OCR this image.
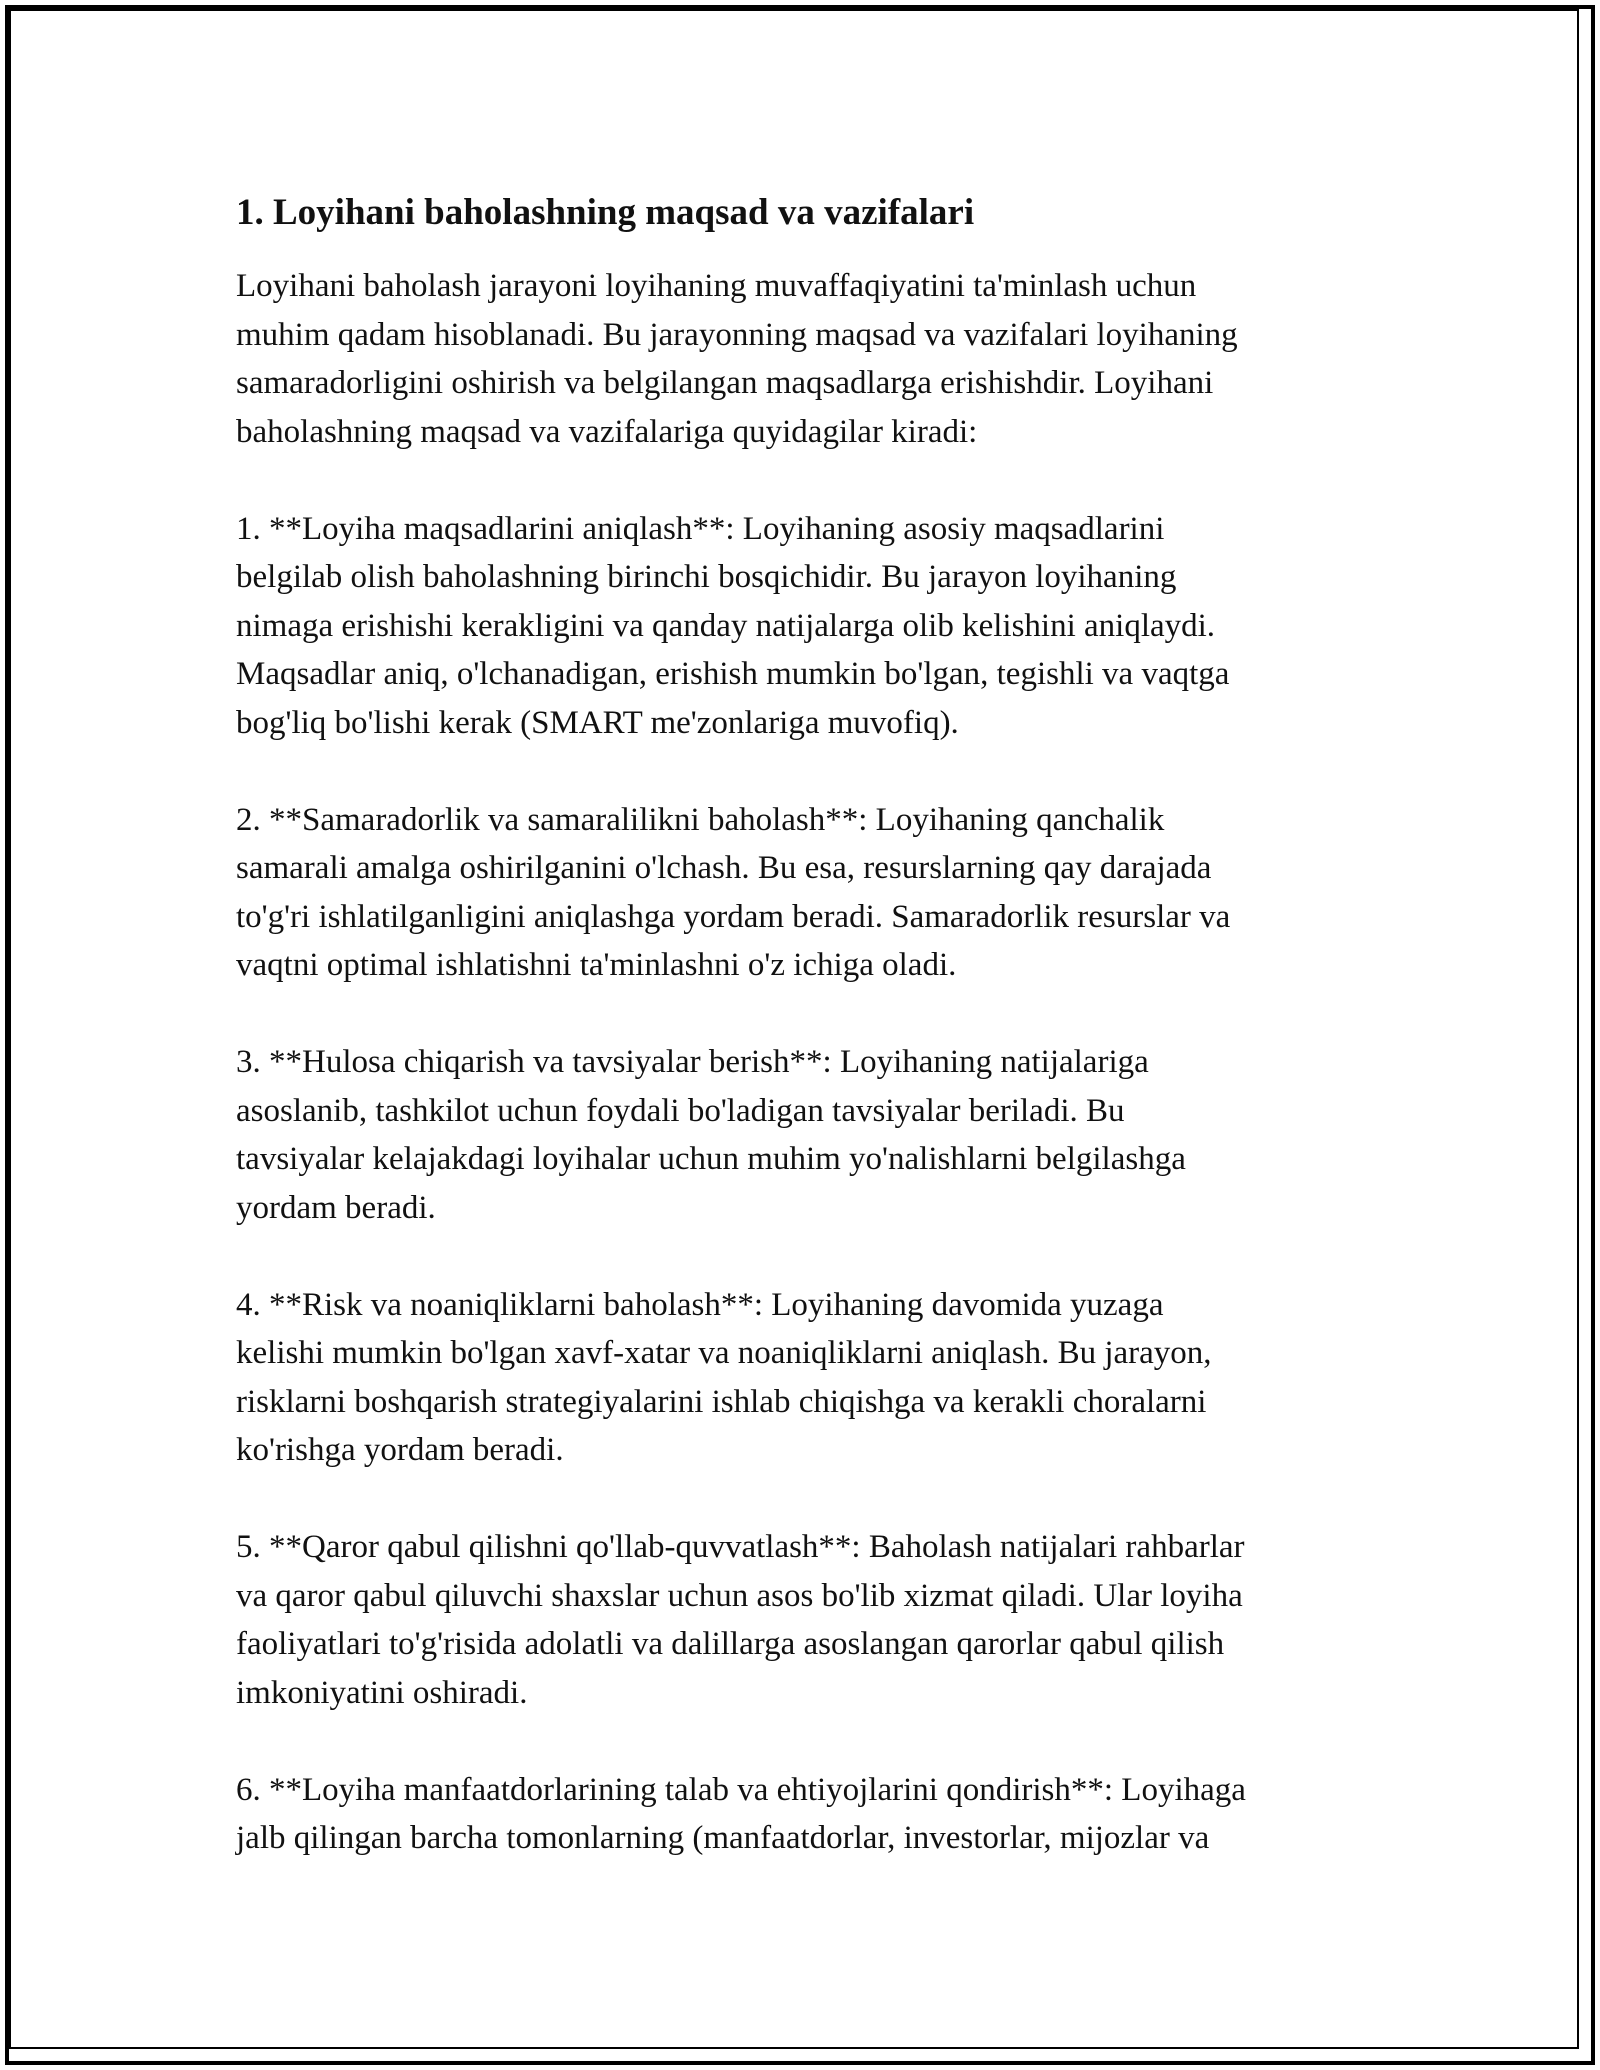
1. Loyihani baholashning maqsad va vazifalari

Loyihani baholash jarayoni loyihaning muvaffaqiyatini ta'minlash uchun
muhim qadam hisoblanadi. Bu jarayonning maqsad va vazifalari loyihaning
samaradorligini oshirish va belgilangan maqsadlarga erishishdir. Loyihani
baholashning maqsad va vazifalariga quyidagilar kiradi:

1. **Loyiha maqsadlarini aniqlash**: Loyihaning asosiy maqsadlarini
belgilab olish baholashning birinchi bosqichidir. Bu jarayon loyihaning
nimaga erishishi kerakligini va qanday natijalarga olib kelishini aniqlaydi.
Maqsadlar aniq, o'lchanadigan, erishish mumkin bo'lgan, tegishli va vaqtga
bog'liq bo'lishi kerak (SMART me'zonlariga muvofiq).

2. **Samaradorlik va samaralilikni baholash**: Loyihaning qanchalik
samarali amalga oshirilganini o'lchash. Bu esa, resurslarning qay darajada
to'g'ri ishlatilganligini aniqlashga yordam beradi. Samaradorlik resurslar va
vaqtni optimal ishlatishni ta'minlashni o'z ichiga oladi.

3. **Hulosa chiqarish va tavsiyalar berish**: Loyihaning natijalariga
asoslanib, tashkilot uchun foydali bo'ladigan tavsiyalar beriladi. Bu
tavsiyalar kelajakdagi loyihalar uchun muhim yo'nalishlarni belgilashga
yordam beradi.

4. **Risk va noaniqliklarni baholash**: Loyihaning davomida yuzaga
kelishi mumkin bo'lgan xavf-xatar va noaniqliklarni aniqlash. Bu jarayon,
risklarni boshqarish strategiyalarini ishlab chiqishga va kerakli choralarni
ko'rishga yordam beradi.

5. **Qaror qabul qilishni qo'llab-quvvatlash**: Baholash natijalari rahbarlar
va qaror qabul qiluvchi shaxslar uchun asos bo'lib xizmat qiladi. Ular loyiha
faoliyatlari to'g'risida adolatli va dalillarga asoslangan qarorlar qabul qilish
imkoniyatini oshiradi.

6. **Loyiha manfaatdorlarining talab va ehtiyojlarini qondirish**: Loyihaga
jalb qilingan barcha tomonlarning (manfaatdorlar, investorlar, mijozlar va
